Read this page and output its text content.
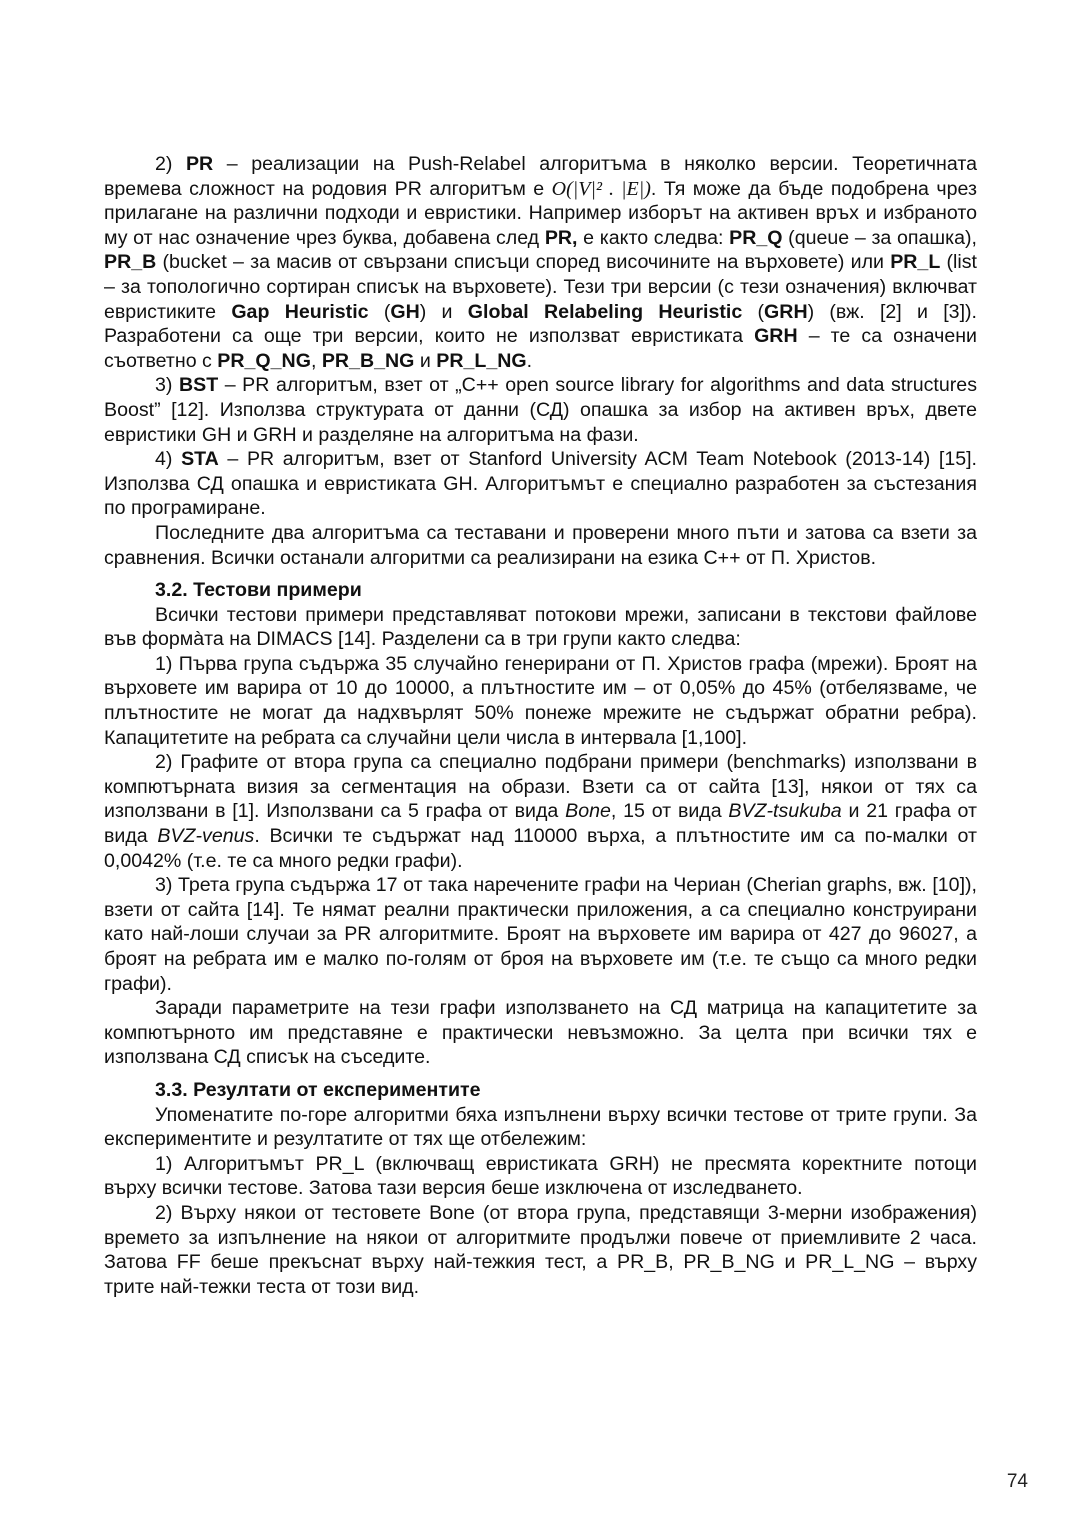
2) PR – реализации на Push-Relabel алгоритъма в няколко версии. Теоретичната времева сложност на родовия PR алгоритъм е O(|V|² . |E|). Тя може да бъде подобрена чрез прилагане на различни подходи и евристики. Например изборът на активен връх и избраното му от нас означение чрез буква, добавена след PR, е както следва: PR_Q (queue – за опашка), PR_B (bucket – за масив от свързани списъци според височините на върховете) или PR_L (list – за топологично сортиран списък на върховете). Тези три версии (с тези означения) включват евристиките Gap Heuristic (GH) и Global Relabeling Heuristic (GRH) (вж. [2] и [3]). Разработени са още три версии, които не използват евристиката GRH – те са означени съответно с PR_Q_NG, PR_B_NG и PR_L_NG.

3) BST – PR алгоритъм, взет от „C++ open source library for algorithms and data structures Boost” [12]. Използва структурата от данни (СД) опашка за избор на активен връх, двете евристики GH и GRH и разделяне на алгоритъма на фази.

4) STA – PR алгоритъм, взет от Stanford University ACM Team Notebook (2013-14) [15]. Използва СД опашка и евристиката GH. Алгоритъмът е специално разработен за състезания по програмиране.

Последните два алгоритъма са теставани и проверени много пъти и затова са взети за сравнения. Всички останали алгоритми са реализирани на езика C++ от П. Христов.

3.2. Тестови примери

Всички тестови примери представляват потокови мрежи, записани в текстови файлове във формàта на DIMACS [14]. Разделени са в три групи както следва:

1) Първа група съдържа 35 случайно генерирани от П. Христов графа (мрежи). Броят на върховете им варира от 10 до 10000, а плътностите им – от 0,05% до 45% (отбелязваме, че плътностите не могат да надхвърлят 50% понеже мрежите не съдържат обратни ребра). Капацитетите на ребрата са случайни цели числа в интервала [1,100].

2) Графите от втора група са специално подбрани примери (benchmarks) използвани в компютърната визия за сегментация на образи. Взети са от сайта [13], някои от тях са използвани в [1]. Използвани са 5 графа от вида Bone, 15 от вида BVZ-tsukuba и 21 графа от вида BVZ-venus. Всички те съдържат над 110000 върха, а плътностите им са по-малки от 0,0042% (т.е. те са много редки графи).

3) Трета група съдържа 17 от така наречените графи на Чериан (Cherian graphs, вж. [10]), взети от сайта [14]. Те нямат реални практически приложения, а са специално конструирани като най-лоши случаи за PR алгоритмите. Броят на върховете им варира от 427 до 96027, а броят на ребрата им е малко по-голям от броя на върховете им (т.е. те също са много редки графи).

Заради параметрите на тези графи използването на СД матрица на капацитетите за компютърното им представяне е практически невъзможно. За целта при всички тях е използвана СД списък на съседите.

3.3. Резултати от експериментите

Упоменатите по-горе алгоритми бяха изпълнени върху всички тестове от трите групи. За експериментите и резултатите от тях ще отбележим:

1) Алгоритъмът PR_L (включващ евристиката GRH) не пресмята коректните потоци върху всички тестове. Затова тази версия беше изключена от изследването.

2) Върху някои от тестовете Bone (от втора група, представящи 3-мерни изображения) времето за изпълнение на някои от алгоритмите продължи повече от приемливите 2 часа. Затова FF беше прекъснат върху най-тежкия тест, а PR_B, PR_B_NG и PR_L_NG – върху трите най-тежки теста от този вид.

74
